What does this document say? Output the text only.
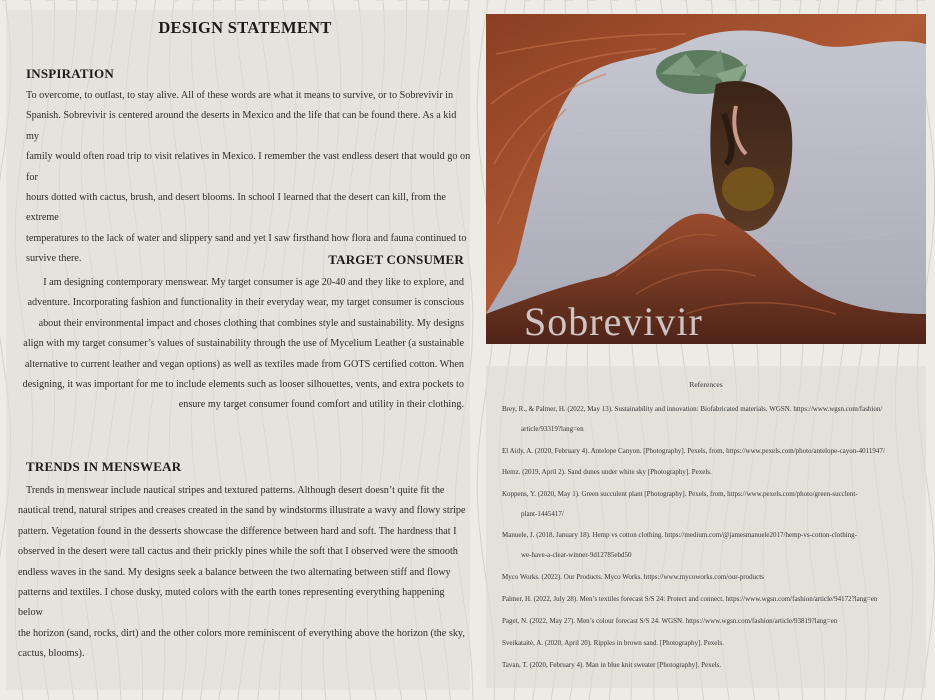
DESIGN STATEMENT
INSPIRATION
To overcome, to outlast, to stay alive. All of these words are what it means to survive, or to Sobrevivir in
Spanish. Sobrevivir is centered around the deserts in Mexico and the life that can be found there. As a kid my
family would often road trip to visit relatives in Mexico. I remember the vast endless desert that would go on for
hours dotted with cactus, brush, and desert blooms. In school I learned that the desert can kill, from the extreme
temperatures to the lack of water and slippery sand and yet I saw firsthand how flora and fauna continued to
survive there.	TARGET CONSUMER
I am designing contemporary menswear. My target consumer is age 20-40 and they like to explore, and
adventure. Incorporating fashion and functionality in their everyday wear, my target consumer is conscious
about their environmental impact and choses clothing that combines style and sustainability. My designs
align with my target consumer’s values of sustainability through the use of Mycelium Leather (a sustainable
alternative to current leather and vegan options) as well as textiles made from GOTS certified cotton. When
designing, it was important for me to include elements such as looser silhouettes, vents, and extra pockets to
ensure my target consumer found comfort and utility in their clothing.
TRENDS IN MENSWEAR
Trends in menswear include nautical stripes and textured patterns. Although desert doesn’t quite fit the
nautical trend, natural stripes and creases created in the sand by windstorms illustrate a wavy and flowy stripe
pattern. Vegetation found in the desserts showcase the difference between hard and soft. The hardness that I
observed in the desert were tall cactus and their prickly pines while the soft that I observed were the smooth
endless waves in the sand. My designs seek a balance between the two alternating between stiff and flowy
patterns and textiles. I chose dusky, muted colors with the earth tones representing everything happening below
the horizon (sand, rocks, dirt) and the other colors more reminiscent of everything above the horizon (the sky,
cactus, blooms).
Sobrevivir
References
Brey, R., & Palmer, H. (2022, May 13). Sustainability and innovation: Biofabricated materials. WGSN. https://www.wgsn.com/fashion/
article/93319?lang=en
El Aidy, A. (2020, February 4). Antelope Canyon. [Photography]. Pexels, from, https://www.pexels.com/photo/antelope-cayon-4011947/
Hemz. (2019, April 2). Sand dunes under white sky [Photography]. Pexels.
Koppens, Y. (2020, May 1). Green succulent plant [Photography]. Pexels, from, https://www.pexels.com/photo/green-succlent-
plant-1445417/
Manuele, J. (2018, January 18). Hemp vs cotton clothing. https://medium.com/@jamesmanuele2017/hemp-vs-cotton-clothing-
we-have-a-clear-winner-9d12785ebd50
Myco Works. (2022). Our Products. Myco Works. https://www.mycoworks.com/our-products
Palmer, H. (2022, July 28). Men’s textiles forecast S/S 24: Protect and connect. https://www.wgsn.com/fashion/article/94172?lang=en
Paget, N. (2022, May 27). Men’s colour forecast S/S 24. WGSN. https://www.wgsn.com/fashion/article/93819?lang=en
Sveikataitė, A. (2020, April 20). Ripples in brown sand. [Photography]. Pexels.
Tavan, T. (2020, February 4). Man in blue knit sweater [Photography]. Pexels.
